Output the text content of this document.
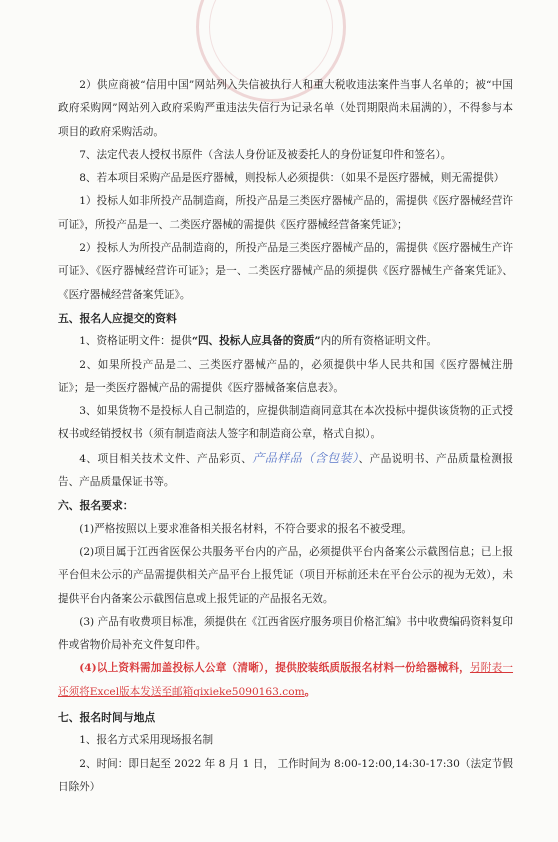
2）供应商被“信用中国”网站列入失信被执行人和重大税收违法案件当事人名单的；被“中国政府采购网”网站列入政府采购严重违法失信行为记录名单（处罚期限尚未届满的），不得参与本项目的政府采购活动。

7、法定代表人授权书原件（含法人身份证及被委托人的身份证复印件和签名）。

8、若本项目采购产品是医疗器械，则投标人必须提供：（如果不是医疗器械，则无需提供）

1）投标人如非所投产品制造商，所投产品是三类医疗器械产品的，需提供《医疗器械经营许可证》，所投产品是一、二类医疗器械的需提供《医疗器械经营备案凭证》；

2）投标人为所投产品制造商的，所投产品是三类医疗器械产品的，需提供《医疗器械生产许可证》、《医疗器械经营许可证》；是一、二类医疗器械产品的须提供《医疗器械生产备案凭证》、《医疗器械经营备案凭证》。

五、报名人应提交的资料

1、资格证明文件：提供“四、投标人应具备的资质”内的所有资格证明文件。

2、如果所投产品是二、三类医疗器械产品的，必须提供中华人民共和国《医疗器械注册证》；是一类医疗器械产品的需提供《医疗器械备案信息表》。

3、如果货物不是投标人自己制造的，应提供制造商同意其在本次投标中提供该货物的正式授权书或经销授权书（须有制造商法人签字和制造商公章，格式自拟）。

4、项目相关技术文件、产品彩页、产品样品（含包装）、产品说明书、产品质量检测报告、产品质量保证书等。

六、报名要求：

(1)严格按照以上要求准备相关报名材料，不符合要求的报名不被受理。

(2)项目属于江西省医保公共服务平台内的产品，必须提供平台内备案公示截图信息；已上报平台但未公示的产品需提供相关产品平台上报凭证（项目开标前还未在平台公示的视为无效），未提供平台内备案公示截图信息或上报凭证的产品报名无效。

(3) 产品有收费项目标准，须提供在《江西省医疗服务项目价格汇编》书中收费编码资料复印件或省物价局补充文件复印件。

(4)以上资料需加盖投标人公章（清晰），提供胶装纸质版报名材料一份给器械科，另附表一还须将Excel版本发送至邮箱qixieke5090163.com。

七、报名时间与地点

1、报名方式采用现场报名制

2、时间：即日起至 2022 年 8 月 1 日， 工作时间为 8:00-12:00,14:30-17:30（法定节假日除外）
